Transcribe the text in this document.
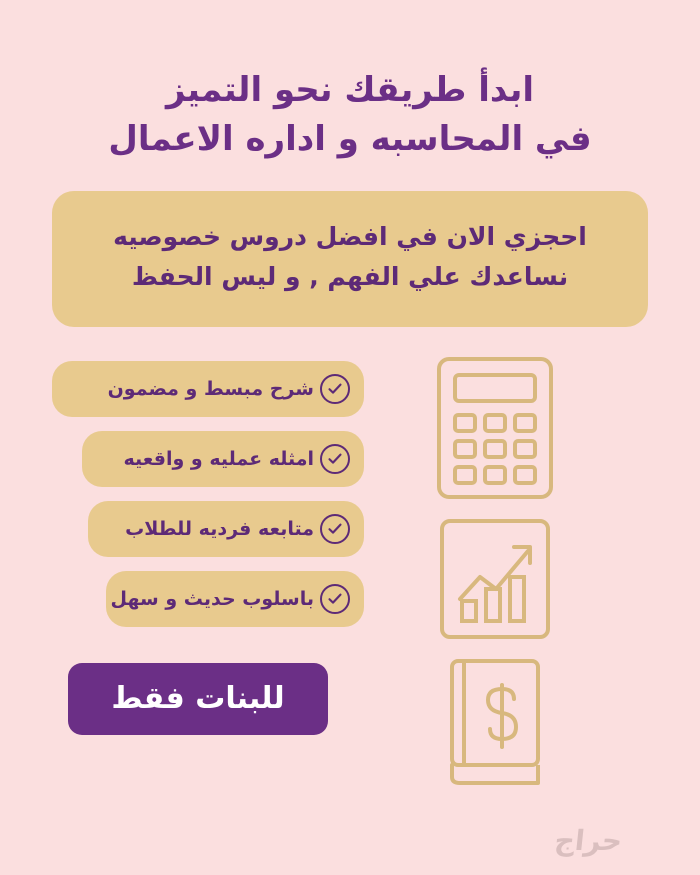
ابدأ طريقك نحو التميز
في المحاسبه و اداره الاعمال
احجزي الان في افضل دروس خصوصيه
نساعدك علي الفهم , و ليس الحفظ
شرح مبسط و مضمون
امثله عمليه و واقعيه
متابعه فرديه للطلاب
باسلوب حديث و سهل
للبنات فقط
حراج
